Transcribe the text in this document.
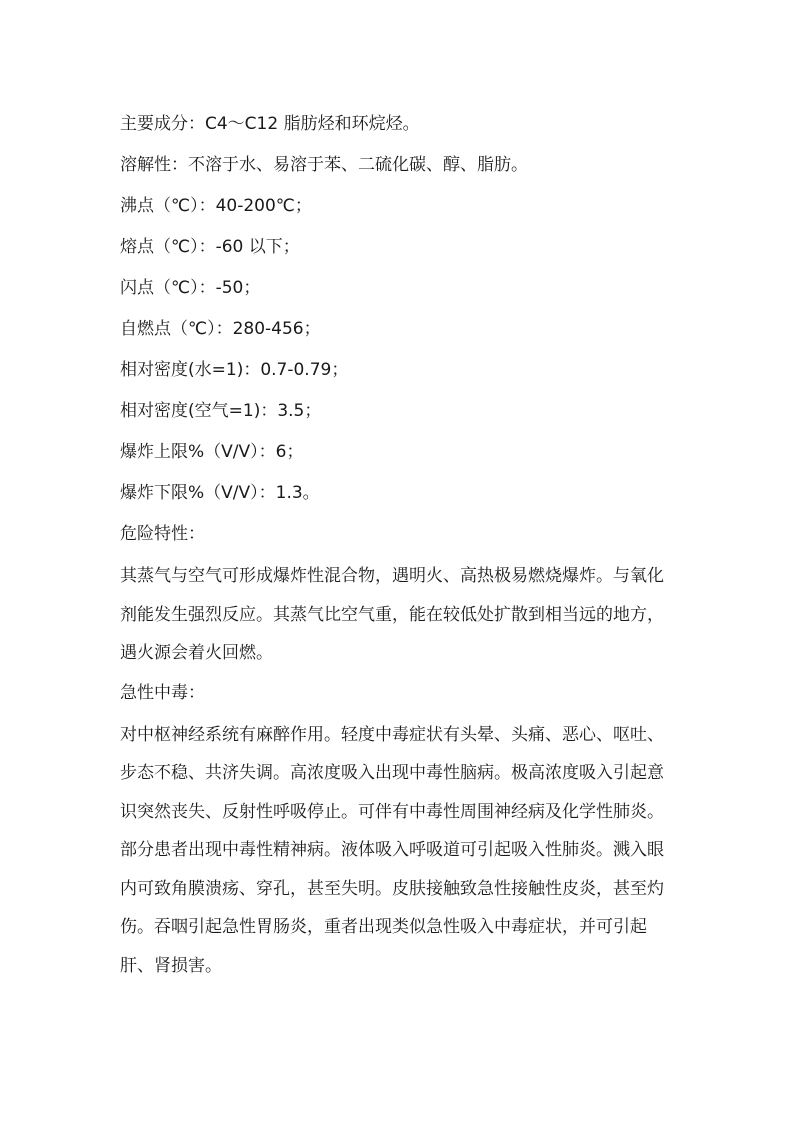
主要成分：C4～C12 脂肪烃和环烷烃。
溶解性：不溶于水、易溶于苯、二硫化碳、醇、脂肪。
沸点（℃）：40-200℃；
熔点（℃）：-60 以下；
闪点（℃）：-50；
自燃点（℃）：280-456；
相对密度(水=1)：0.7-0.79；
相对密度(空气=1)：3.5；
爆炸上限%（V/V）：6；
爆炸下限%（V/V）：1.3。
危险特性：

其蒸气与空气可形成爆炸性混合物，遇明火、高热极易燃烧爆炸。与氧化剂能发生强烈反应。其蒸气比空气重，能在较低处扩散到相当远的地方，遇火源会着火回燃。

急性中毒：

对中枢神经系统有麻醉作用。轻度中毒症状有头晕、头痛、恶心、呕吐、步态不稳、共济失调。高浓度吸入出现中毒性脑病。极高浓度吸入引起意识突然丧失、反射性呼吸停止。可伴有中毒性周围神经病及化学性肺炎。部分患者出现中毒性精神病。液体吸入呼吸道可引起吸入性肺炎。溅入眼内可致角膜溃疡、穿孔，甚至失明。皮肤接触致急性接触性皮炎，甚至灼伤。吞咽引起急性胃肠炎，重者出现类似急性吸入中毒症状，并可引起肝、肾损害。
